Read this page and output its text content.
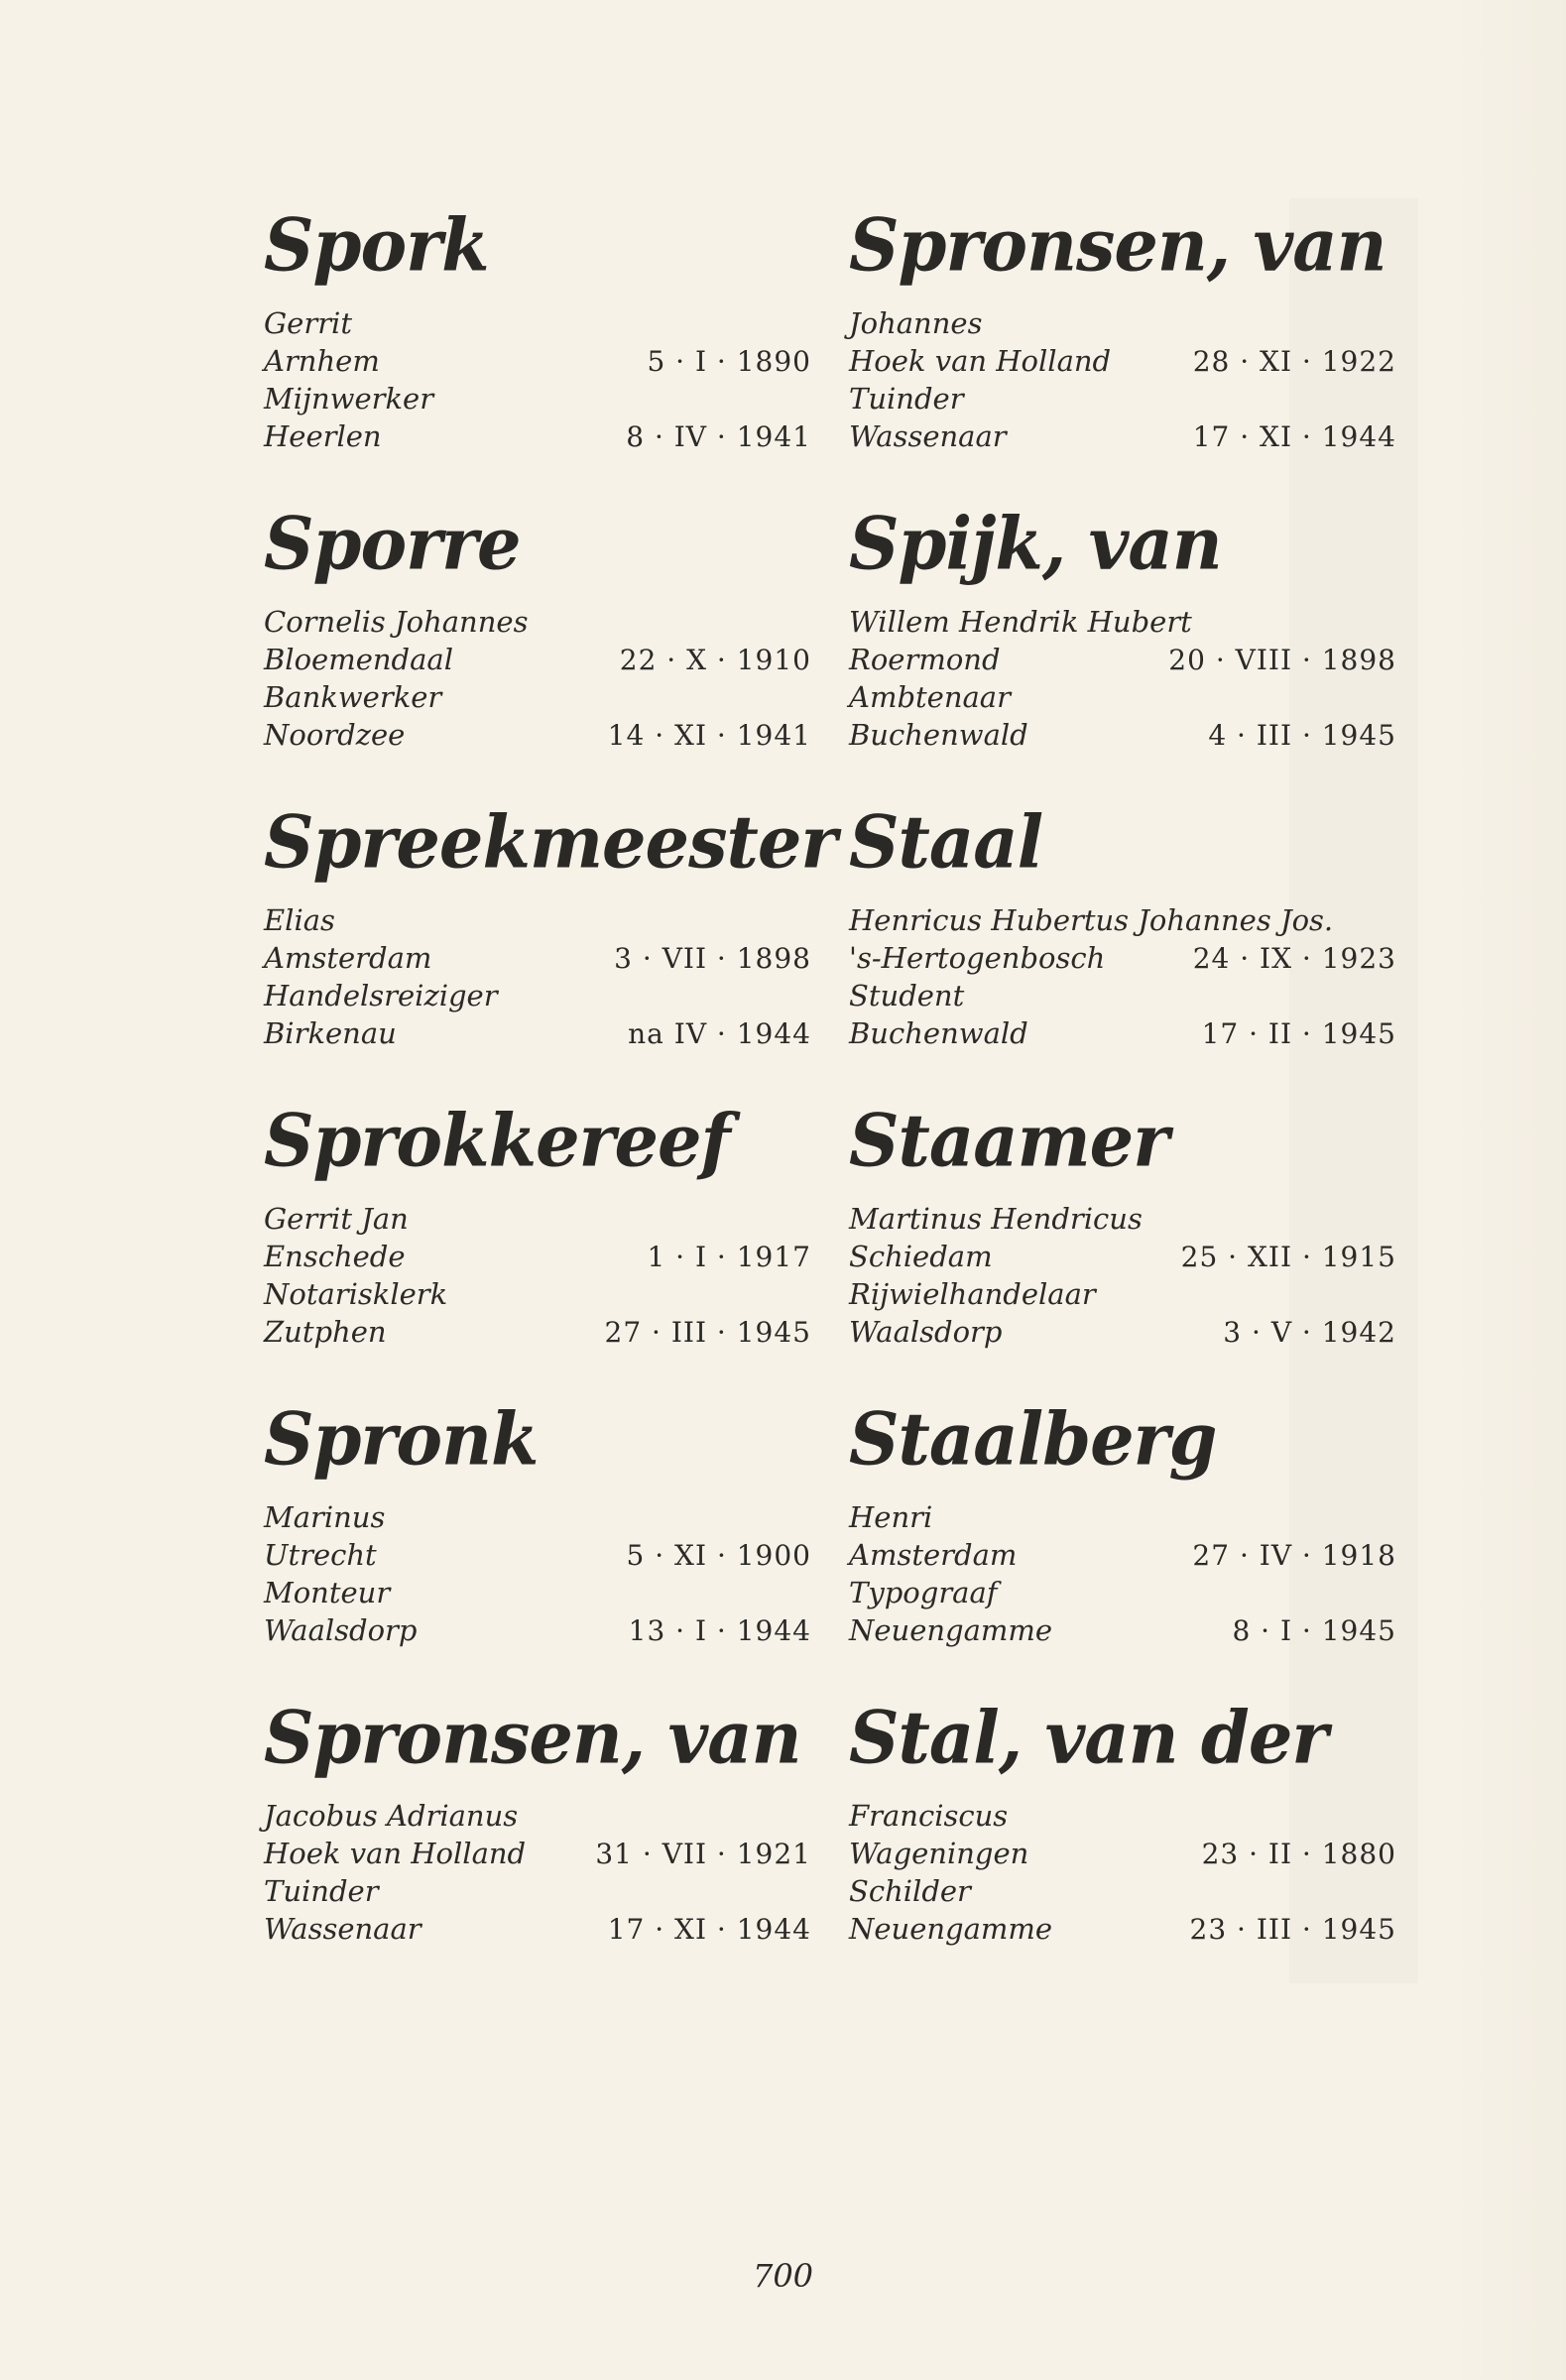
Spork
Gerrit
Arnhem	5 · I · 1890
Mijnwerker
Heerlen	8 · IV · 1941
Sporre
Cornelis Johannes
Bloemendaal	22 · X · 1910
Bankwerker
Noordzee	14 · XI · 1941
Spreekmeester
Elias
Amsterdam	3 · VII · 1898
Handelsreiziger
Birkenau	na IV · 1944
Sprokkereef
Gerrit Jan
Enschede	1 · I · 1917
Notarisklerk
Zutphen	27 · III · 1945
Spronk
Marinus
Utrecht	5 · XI · 1900
Monteur
Waalsdorp	13 · I · 1944
Spronsen, van
Jacobus Adrianus
Hoek van Holland	31 · VII · 1921
Tuinder
Wassenaar	17 · XI · 1944
Spronsen, van
Johannes
Hoek van Holland	28 · XI · 1922
Tuinder
Wassenaar	17 · XI · 1944
Spijk, van
Willem Hendrik Hubert
Roermond	20 · VIII · 1898
Ambtenaar
Buchenwald	4 · III · 1945
Staal
Henricus Hubertus Johannes Jos.
's-Hertogenbosch	24 · IX · 1923
Student
Buchenwald	17 · II · 1945
Staamer
Martinus Hendricus
Schiedam	25 · XII · 1915
Rijwielhandelaar
Waalsdorp	3 · V · 1942
Staalberg
Henri
Amsterdam	27 · IV · 1918
Typograaf
Neuengamme	8 · I · 1945
Stal, van der
Franciscus
Wageningen	23 · II · 1880
Schilder
Neuengamme	23 · III · 1945
700
